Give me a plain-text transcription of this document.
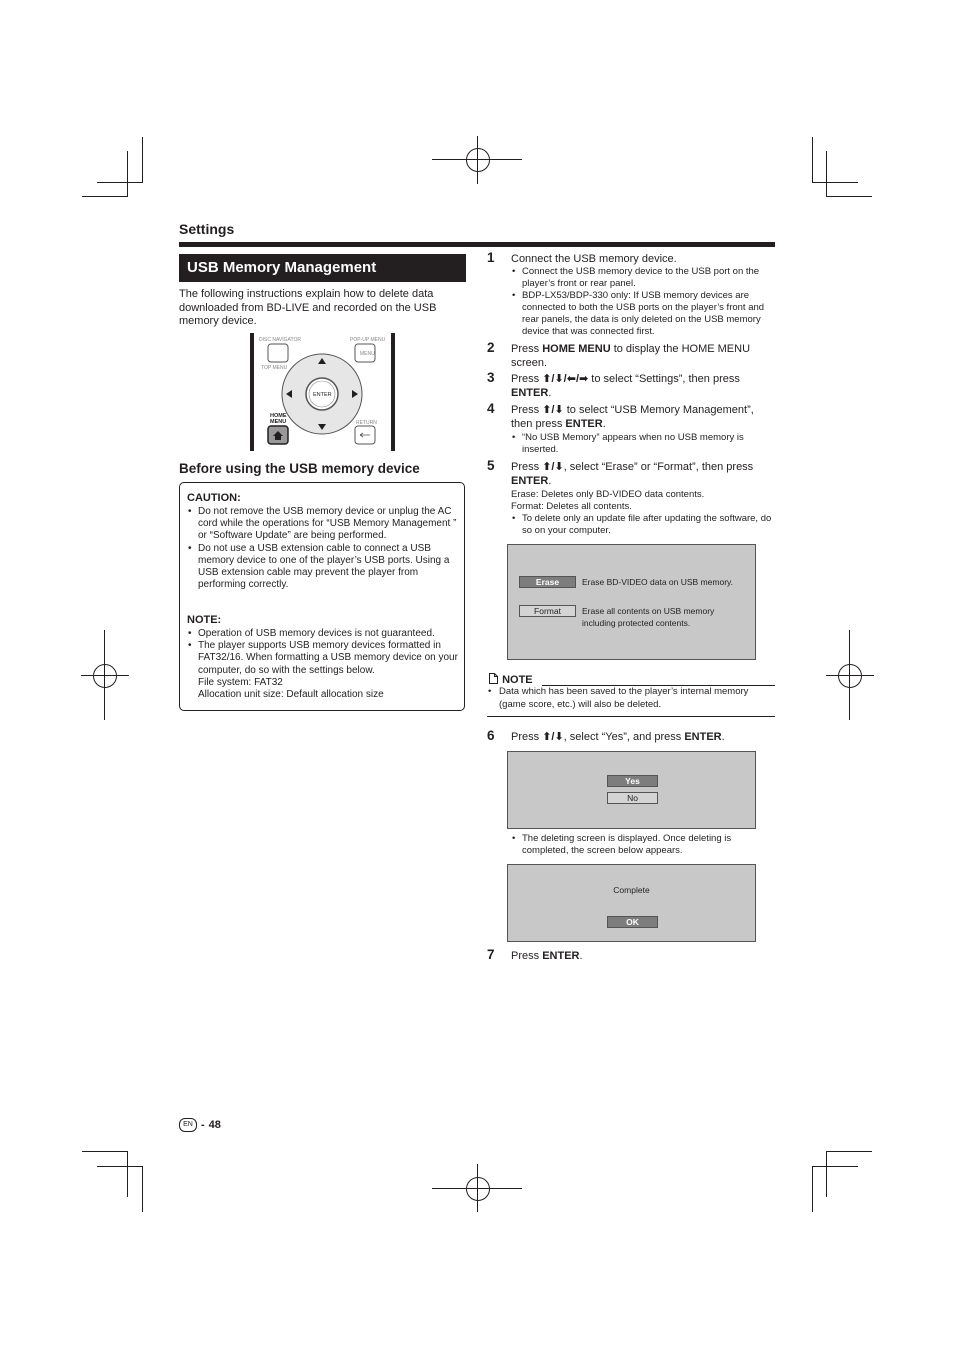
Settings
USB Memory Management
The following instructions explain how to delete data downloaded from BD-LIVE and recorded on the USB memory device.
DISC NAVIGATOR	POP-UP MENU
MENU
TOP MENU
ENTER
HOME
MENU	RETURN
Before using the USB memory device
CAUTION:
• Do not remove the USB memory device or unplug the AC cord while the operations for “USB Memory Management ” or “Software Update” are being performed.
• Do not use a USB extension cable to connect a USB memory device to one of the player’s USB ports. Using a USB extension cable may prevent the player from performing correctly.
NOTE:
• Operation of USB memory devices is not guaranteed.
• The player supports USB memory devices formatted in FAT32/16. When formatting a USB memory device on your computer, do so with the settings below.
File system: FAT32
Allocation unit size: Default allocation size
1 Connect the USB memory device.
• Connect the USB memory device to the USB port on the player’s front or rear panel.
• BDP-LX53/BDP-330 only: If USB memory devices are connected to both the USB ports on the player’s front and rear panels, the data is only deleted on the USB memory device that was connected first.
2 Press HOME MENU to display the HOME MENU screen.
3 Press ⬆/⬇/⬅/➡ to select “Settings”, then press ENTER.
4 Press ⬆/⬇ to select “USB Memory Management”, then press ENTER.
• “No USB Memory” appears when no USB memory is inserted.
5 Press ⬆/⬇, select “Erase” or “Format”, then press ENTER.
Erase: Deletes only BD-VIDEO data contents.
Format: Deletes all contents.
• To delete only an update file after updating the software, do so on your computer.
Erase	Erase BD-VIDEO data on USB memory.
Format	Erase all contents on USB memory
including protected contents.
NOTE
• Data which has been saved to the player’s internal memory (game score, etc.) will also be deleted.
6 Press ⬆/⬇, select “Yes”, and press ENTER.
Yes
No
• The deleting screen is displayed. Once deleting is completed, the screen below appears.
Complete
OK
7 Press ENTER.
EN - 48
